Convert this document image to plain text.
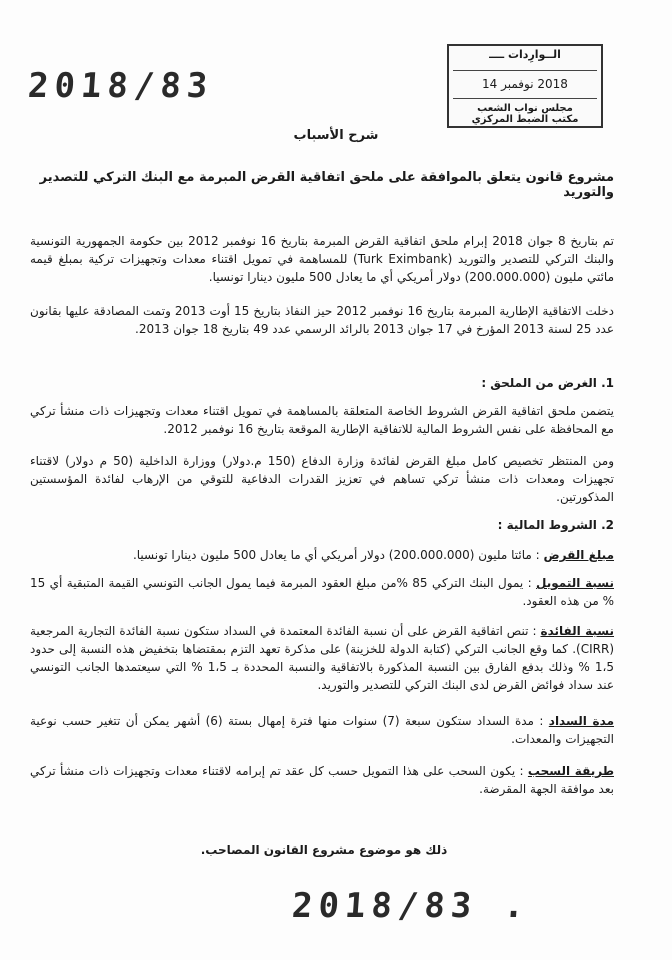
2018/83
الــوارِدات ــــ
2018 نوفمبر 14
مجلس نواب الشعب
مكتب الضبط المركزي
شرح الأسباب
مشروع قانون يتعلق بالموافقة على ملحق اتفاقية القرض المبرمة مع البنك التركي للتصدير والتوريد
تم بتاريخ 8 جوان 2018 إبرام ملحق اتفاقية القرض المبرمة بتاريخ 16 نوفمبر 2012 بين حكومة الجمهورية التونسية والبنك التركي للتصدير والتوريد (Turk Eximbank) للمساهمة في تمويل اقتناء معدات وتجهيزات تركية بمبلغ قيمه مائتي مليون (200.000.000) دولار أمريكي أي ما يعادل 500 مليون دينارا تونسيا.
دخلت الاتفاقية الإطارية المبرمة بتاريخ 16 نوفمبر 2012 حيز النفاذ بتاريخ 15 أوت 2013 وتمت المصادقة عليها بقانون عدد 25 لسنة 2013 المؤرخ في 17 جوان 2013 بالرائد الرسمي عدد 49 بتاريخ 18 جوان 2013.
1. الغرض من الملحق :
يتضمن ملحق اتفاقية القرض الشروط الخاصة المتعلقة بالمساهمة في تمويل اقتناء معدات وتجهيزات ذات منشأ تركي مع المحافظة على نفس الشروط المالية للاتفاقية الإطارية الموقعة بتاريخ 16 نوفمبر 2012.
ومن المنتظر تخصيص كامل مبلغ القرض لفائدة وزارة الدفاع (150 م.دولار) ووزارة الداخلية (50 م دولار) لاقتناء تجهيزات ومعدات ذات منشأ تركي تساهم في تعزيز القدرات الدفاعية للتوقي من الإرهاب لفائدة المؤسستين المذكورتين.
2. الشروط المالية :
مبلغ القرض : مائتا مليون (200.000.000) دولار أمريكي أي ما يعادل 500 مليون دينارا تونسيا.
نسبة التمويل : يمول البنك التركي 85 %من مبلغ العقود المبرمة فيما يمول الجانب التونسي القيمة المتبقية أي 15 % من هذه العقود.
نسبة الفائدة : تنص اتفاقية القرض على أن نسبة الفائدة المعتمدة في السداد ستكون نسبة الفائدة التجارية المرجعية (CIRR). كما وقع الجانب التركي (كتابة الدولة للخزينة) على مذكرة تعهد التزم بمقتضاها بتخفيض هذه النسبة إلى حدود 1،5 % وذلك بدفع الفارق بين النسبة المذكورة بالاتفاقية والنسبة المحددة بـ 1،5 % التي سيعتمدها الجانب التونسي عند سداد فوائض القرض لدى البنك التركي للتصدير والتوريد.
مدة السداد : مدة السداد ستكون سبعة (7) سنوات منها فترة إمهال بستة (6) أشهر يمكن أن تتغير حسب نوعية التجهيزات والمعدات.
طريقة السحب : يكون السحب على هذا التمويل حسب كل عقد تم إبرامه لاقتناء معدات وتجهيزات ذات منشأ تركي بعد موافقة الجهة المقرضة.
ذلك هو موضوع مشروع القانون المصاحب.
2018/83 .
